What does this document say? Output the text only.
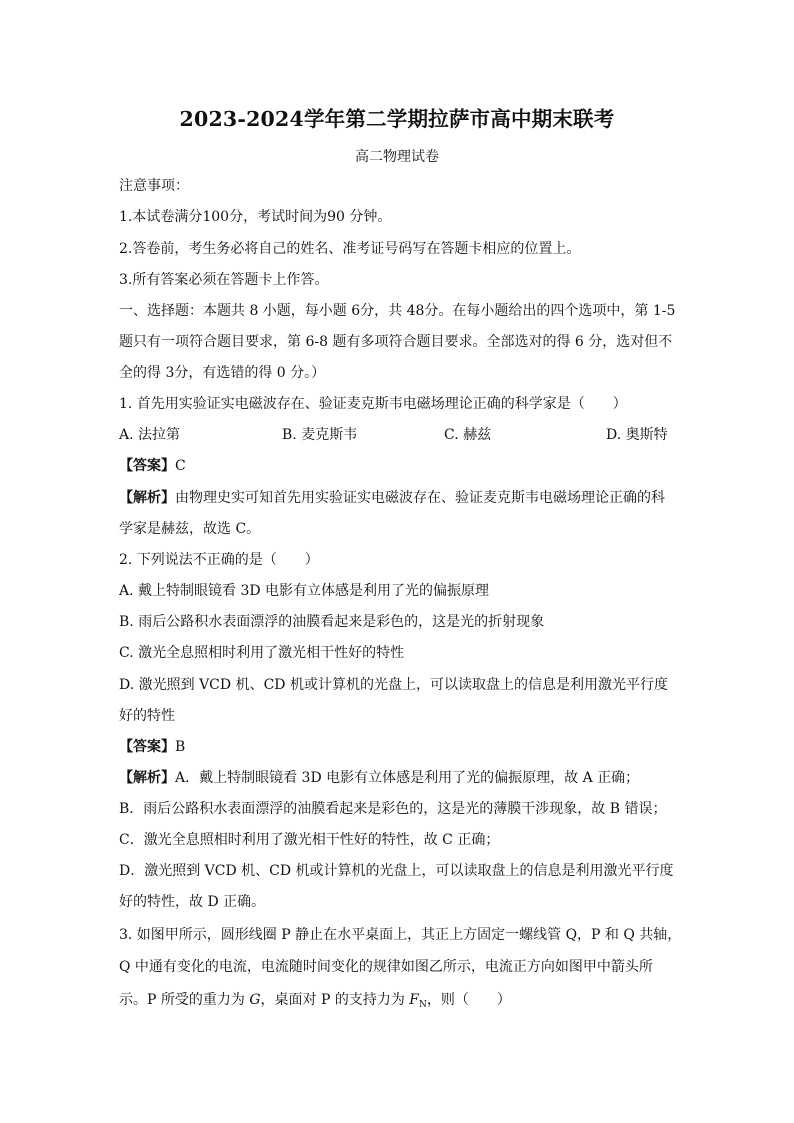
2023-2024学年第二学期拉萨市高中期末联考
高二物理试卷
注意事项：
1.本试卷满分100分，考试时间为90 分钟。
2.答卷前，考生务必将自己的姓名、准考证号码写在答题卡相应的位置上。
3.所有答案必须在答题卡上作答。
一、选择题：本题共 8 小题，每小题 6分，共 48分。在每小题给出的四个选项中，第 1-5
题只有一项符合题目要求，第 6-8 题有多项符合题目要求。全部选对的得 6 分，选对但不
全的得 3分，有选错的得 0 分。）
1. 首先用实验证实电磁波存在、验证麦克斯韦电磁场理论正确的科学家是（　　）
A. 法拉第	B. 麦克斯韦	C. 赫兹	D. 奥斯特
【答案】C
【解析】由物理史实可知首先用实验证实电磁波存在、验证麦克斯韦电磁场理论正确的科
学家是赫兹，故选 C。
2. 下列说法不正确的是（　　）
A. 戴上特制眼镜看 3D 电影有立体感是利用了光的偏振原理
B. 雨后公路积水表面漂浮的油膜看起来是彩色的，这是光的折射现象
C. 激光全息照相时利用了激光相干性好的特性
D. 激光照到 VCD 机、CD 机或计算机的光盘上，可以读取盘上的信息是利用激光平行度
好的特性
【答案】B
【解析】A．戴上特制眼镜看 3D 电影有立体感是利用了光的偏振原理，故 A 正确；
B．雨后公路积水表面漂浮的油膜看起来是彩色的，这是光的薄膜干涉现象，故 B 错误；
C．激光全息照相时利用了激光相干性好的特性，故 C 正确；
D．激光照到 VCD 机、CD 机或计算机的光盘上，可以读取盘上的信息是利用激光平行度
好的特性，故 D 正确。
3. 如图甲所示，圆形线圈 P 静止在水平桌面上，其正上方固定一螺线管 Q，P 和 Q 共轴，
Q 中通有变化的电流，电流随时间变化的规律如图乙所示，电流正方向如图甲中箭头所
示。P 所受的重力为 G，桌面对 P 的支持力为 $F_N$，则（　　）
